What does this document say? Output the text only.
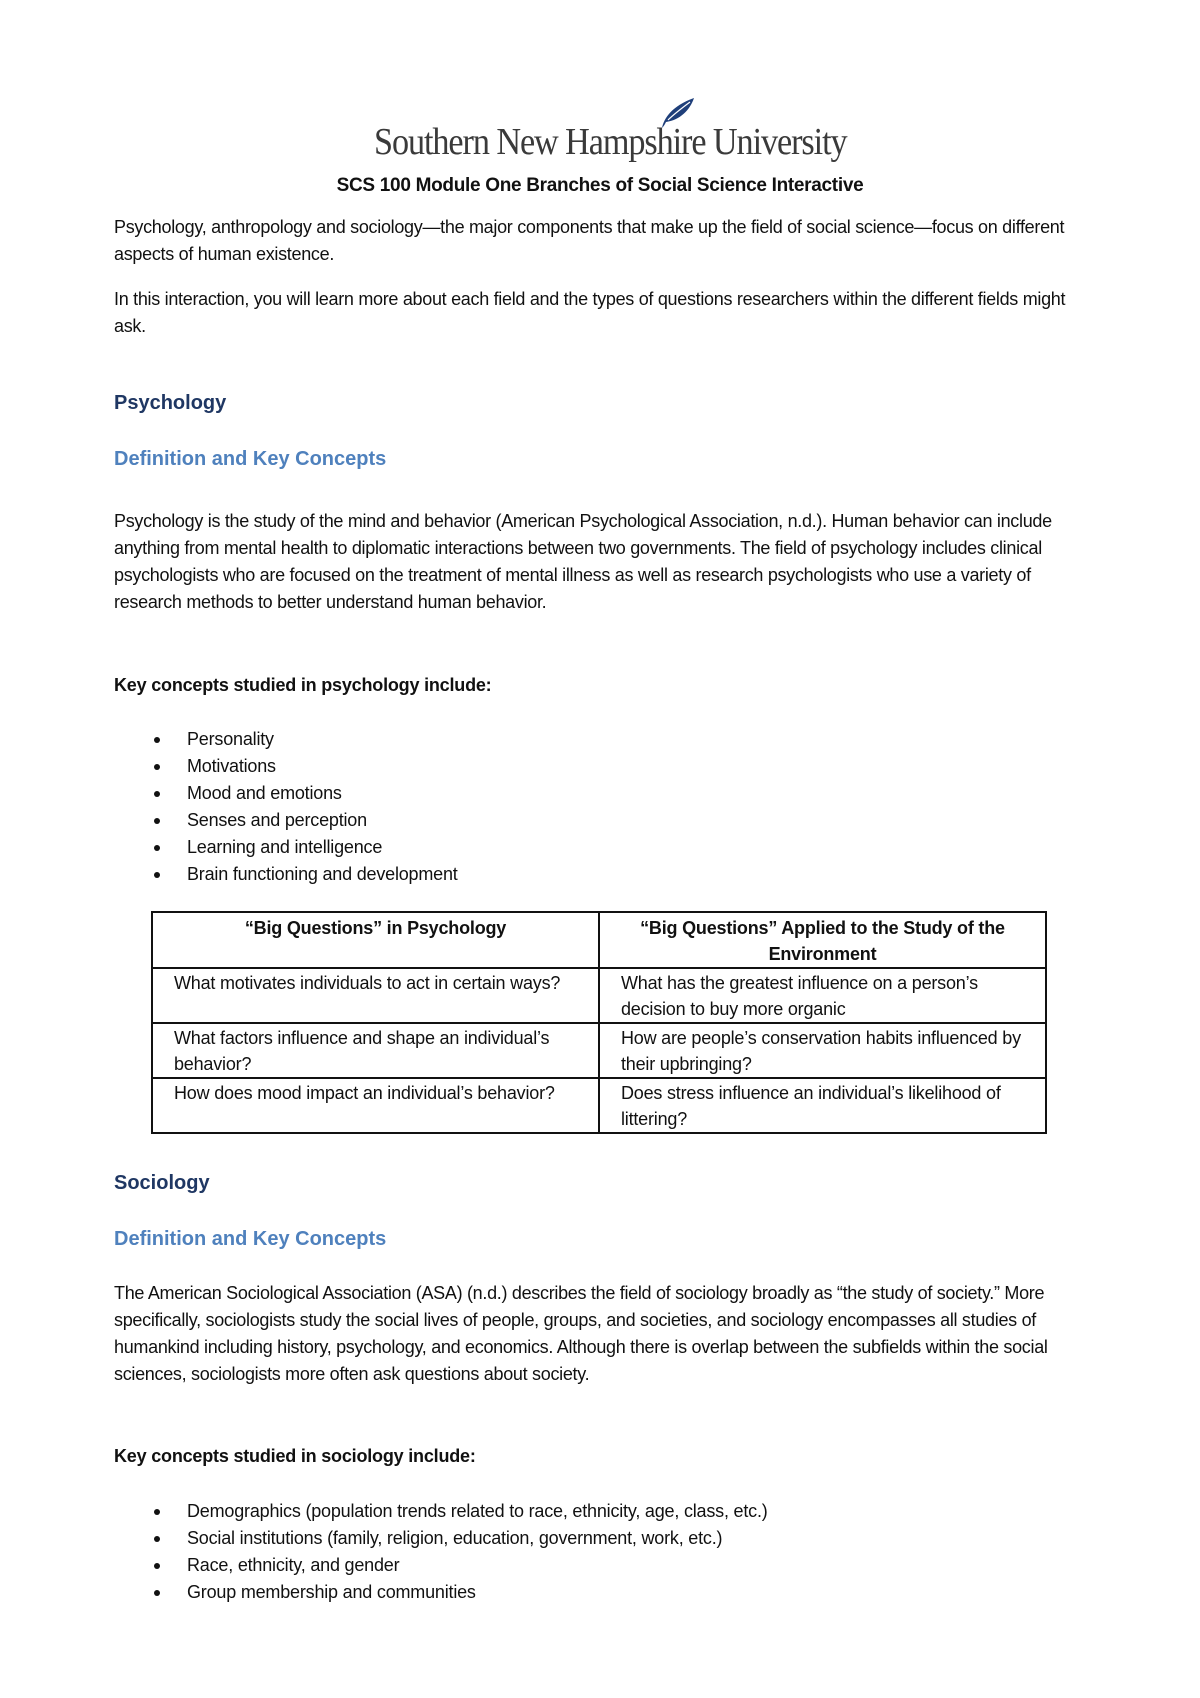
Southern New Hampshire University
SCS 100 Module One Branches of Social Science Interactive

Psychology, anthropology and sociology—the major components that make up the field of social science—focus on different aspects of human existence.

In this interaction, you will learn more about each field and the types of questions researchers within the different fields might ask.

Psychology
Definition and Key Concepts

Psychology is the study of the mind and behavior (American Psychological Association, n.d.). Human behavior can include anything from mental health to diplomatic interactions between two governments. The field of psychology includes clinical psychologists who are focused on the treatment of mental illness as well as research psychologists who use a variety of research methods to better understand human behavior.

Key concepts studied in psychology include:
Personality
Motivations
Mood and emotions
Senses and perception
Learning and intelligence
Brain functioning and development
“Big Questions” in Psychology	“Big Questions” Applied to the Study of the Environment

What motivates individuals to act in certain ways?	What has the greatest influence on a person’s decision to buy more organic

What factors influence and shape an individual’s behavior?	How are people’s conservation habits influenced by their upbringing?
How does mood impact an individual’s behavior?	Does stress influence an individual’s likelihood of littering?
Sociology
Definition and Key Concepts

The American Sociological Association (ASA) (n.d.) describes the field of sociology broadly as “the study of society.” More specifically, sociologists study the social lives of people, groups, and societies, and sociology encompasses all studies of humankind including history, psychology, and economics. Although there is overlap between the subfields within the social sciences, sociologists more often ask questions about society.

Key concepts studied in sociology include:
Demographics (population trends related to race, ethnicity, age, class, etc.)
Social institutions (family, religion, education, government, work, etc.)
Race, ethnicity, and gender
Group membership and communities
